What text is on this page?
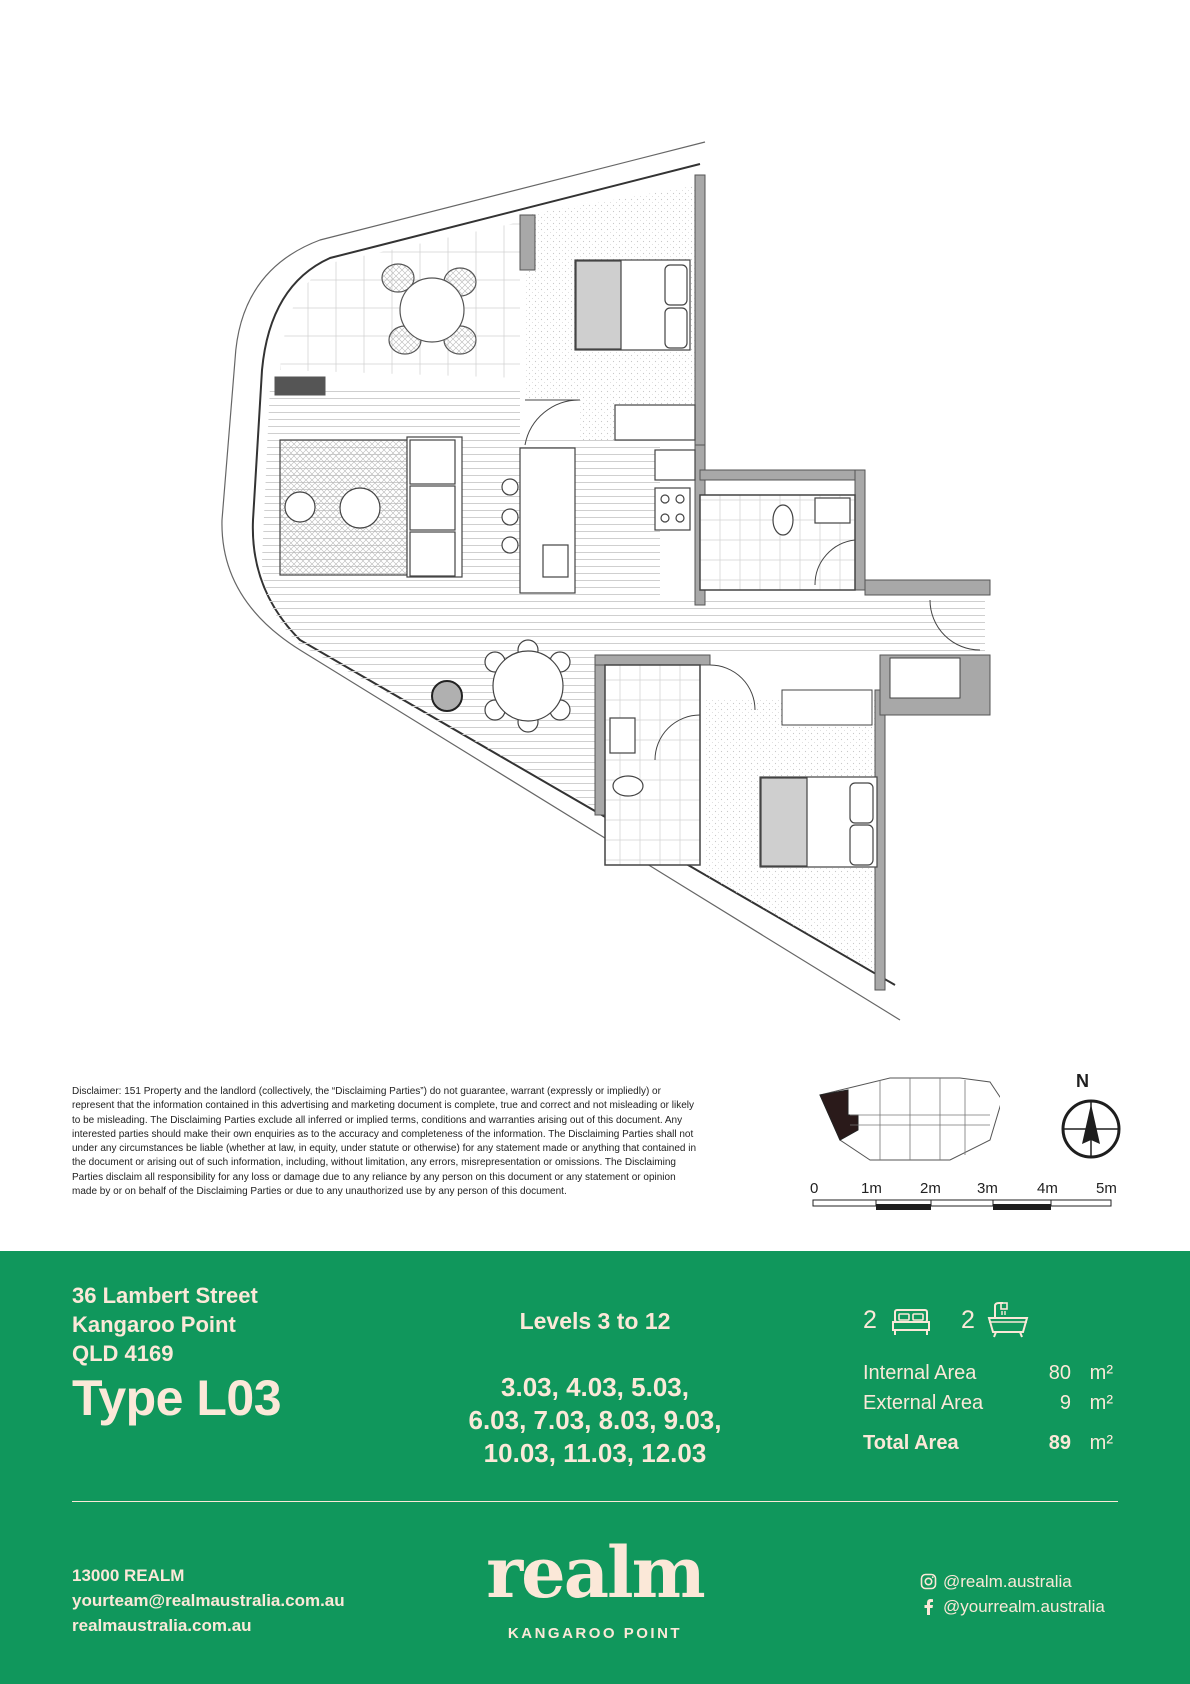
Disclaimer: 151 Property and the landlord (collectively, the “Disclaiming Parties”) do not guarantee, warrant (expressly or impliedly) or represent that the information contained in this advertising and marketing document is complete, true and correct and not misleading or likely to be misleading. The Disclaiming Parties exclude all inferred or implied terms, conditions and warranties arising out of this document. Any interested parties should make their own enquiries as to the accuracy and completeness of the information. The Disclaiming Parties shall not under any circumstances be liable (whether at law, in equity, under statute or otherwise) for any statement made or anything that contained in the document or arising out of such information, including, without limitation, any errors, misrepresentation or omissions. The Disclaiming Parties disclaim all responsibility for any loss or damage due to any reliance by any person on this document or any statement or opinion made by or on behalf of the Disclaiming Parties or due to any unauthorized use by any person of this document.
N
0	1m	2m 3m	4m	5m
36 Lambert Street
Kangaroo Point
QLD 4169
Type L03
Levels 3 to 12
3.03, 4.03, 5.03,
6.03, 7.03, 8.03, 9.03,
10.03, 11.03, 12.03
2	2
Internal Area	80 m²
External Area	9 m²
Total Area	89 m²
13000 REALM
yourteam@realmaustralia.com.au
realmaustralia.com.au
realm
KANGAROO POINT
@realm.australia
@yourrealm.australia
